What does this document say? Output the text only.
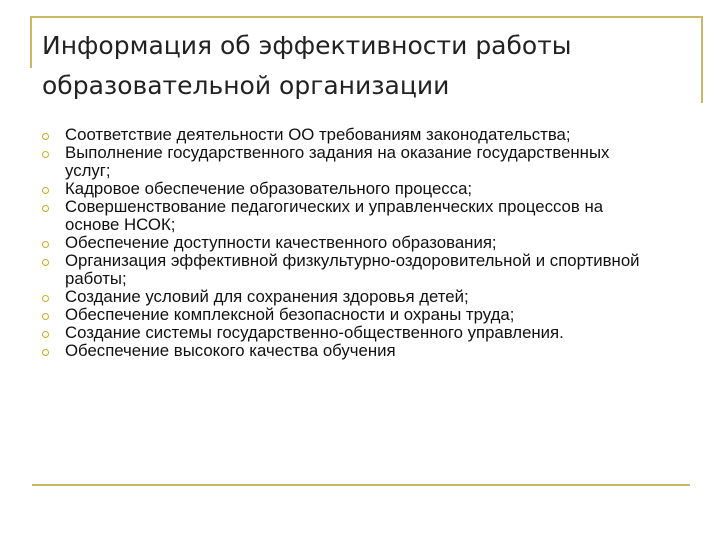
Информация об эффективности работы
образовательной организации
Соответствие деятельности ОО требованиям законодательства;
Выполнение государственного задания на оказание государственных услуг;
Кадровое обеспечение образовательного процесса;
Совершенствование педагогических и управленческих процессов на основе НСОК;
Обеспечение доступности качественного образования;
Организация эффективной физкультурно-оздоровительной и спортивной работы;
Создание условий для сохранения здоровья детей;
Обеспечение комплексной безопасности и охраны труда;
Создание системы государственно-общественного управления.
Обеспечение высокого качества обучения
